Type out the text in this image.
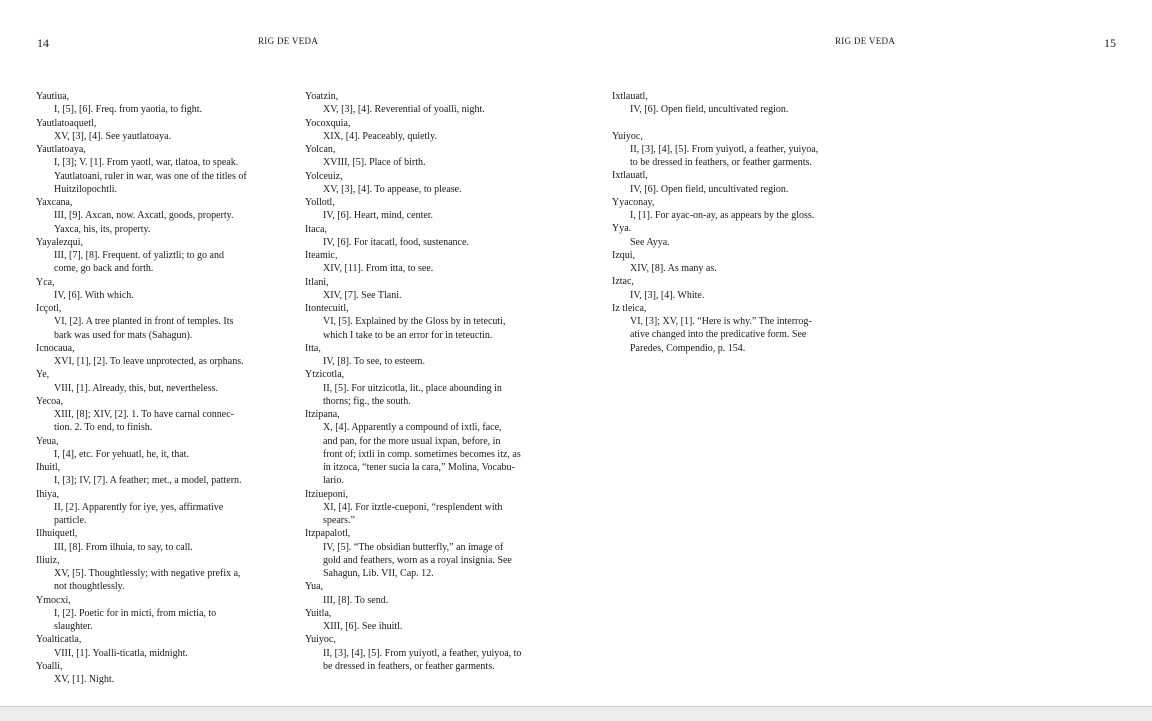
14	RIG DE VEDA	RIG DE VEDA	15
Yautiua,
I, [5], [6]. Freq. from yaotia, to fight.
Yautlatoaquetl,
XV, [3], [4]. See yautlatoaya.
Yautlatoaya,
I, [3]; V. [1]. From yaotl, war, tlatoa, to speak.
Yautlatoani, ruler in war, was one of the titles of
Huitzilopochtli.
Yaxcana,
III, [9]. Axcan, now. Axcatl, goods, property.
Yaxca, his, its, property.
Yayalezqui,
III, [7], [8]. Frequent. of yaliztli; to go and
come, go back and forth.
Yca,
IV, [6]. With which.
Icçotl,
VI, [2]. A tree planted in front of temples. Its
bark was used for mats (Sahagun).
Icnocaua,
XVI, [1], [2]. To leave unprotected, as orphans.
Ye,
VIII, [1]. Already, this, but, nevertheless.
Yecoa,
XIII, [8]; XIV, [2]. 1. To have carnal connec-
tion. 2. To end, to finish.
Yeua,
I, [4], etc. For yehuatl, he, it, that.
Ihuitl,
I, [3]; IV, [7]. A feather; met., a model, pattern.
Ihiya,
II, [2]. Apparently for iye, yes, affirmative
particle.
Ilhuiquetl,
III, [8]. From ilhuia, to say, to call.
Iliuiz,
XV, [5]. Thoughtlessly; with negative prefix a,
not thoughtlessly.
Ymocxi,
I, [2]. Poetic for in micti, from mictia, to
slaughter.
Yoalticatla,
VIII, [1]. Yoalli-ticatla, midnight.
Yoalli,
XV, [1]. Night.
Yoatzin,
XV, [3], [4]. Reverential of yoalli, night.
Yocoxquia,
XIX, [4]. Peaceably, quietly.
Yolcan,
XVIII, [5]. Place of birth.
Yolceuiz,
XV, [3], [4]. To appease, to please.
Yollotl,
IV, [6]. Heart, mind, center.
Itaca,
IV, [6]. For itacatl, food, sustenance.
Iteamic,
XIV, [11]. From itta, to see.
Itlani,
XIV, [7]. See Tlani.
Itontecuitl,
VI, [5]. Explained by the Gloss by in tetecuti,
which I take to be an error for in teteuctin.
Itta,
IV, [8]. To see, to esteem.
Ytzicotla,
II, [5]. For uitzicotla, lit., place abounding in
thorns; fig., the south.
Itzipana,
X, [4]. Apparently a compound of ixtli, face,
and pan, for the more usual ixpan, before, in
front of; ixtli in comp. sometimes becomes itz, as
in itzoca, “tener sucia la cara,” Molina, Vocabu-
lario.
Itziueponi,
XI, [4]. For itztle-cueponi, “resplendent with
spears.”
Itzpapalotl,
IV, [5]. “The obsidian butterfly,” an image of
gold and feathers, worn as a royal insignia. See
Sahagun, Lib. VII, Cap. 12.
Yua,
III, [8]. To send.
Yuitla,
XIII, [6]. See ihuitl.
Yuiyoc,
II, [3], [4], [5]. From yuiyotl, a feather, yuiyoa, to
be dressed in feathers, or feather garments.
Ixtlauatl,
IV, [6]. Open field, uncultivated region.
Yuiyoc,
II, [3], [4], [5]. From yuiyotl, a feather, yuiyoa,
to be dressed in feathers, or feather garments.
Ixtlauatl,
IV, [6]. Open field, uncultivated region.
Yyaconay,
I, [1]. For ayac-on-ay, as appears by the gloss.
Yya.
See Ayya.
Izqui,
XIV, [8]. As many as.
Iztac,
IV, [3], [4]. White.
Iz tleica,
VI, [3]; XV, [1]. “Here is why.” The interrog-
ative changed into the predicative form. See
Paredes, Compendio, p. 154.
